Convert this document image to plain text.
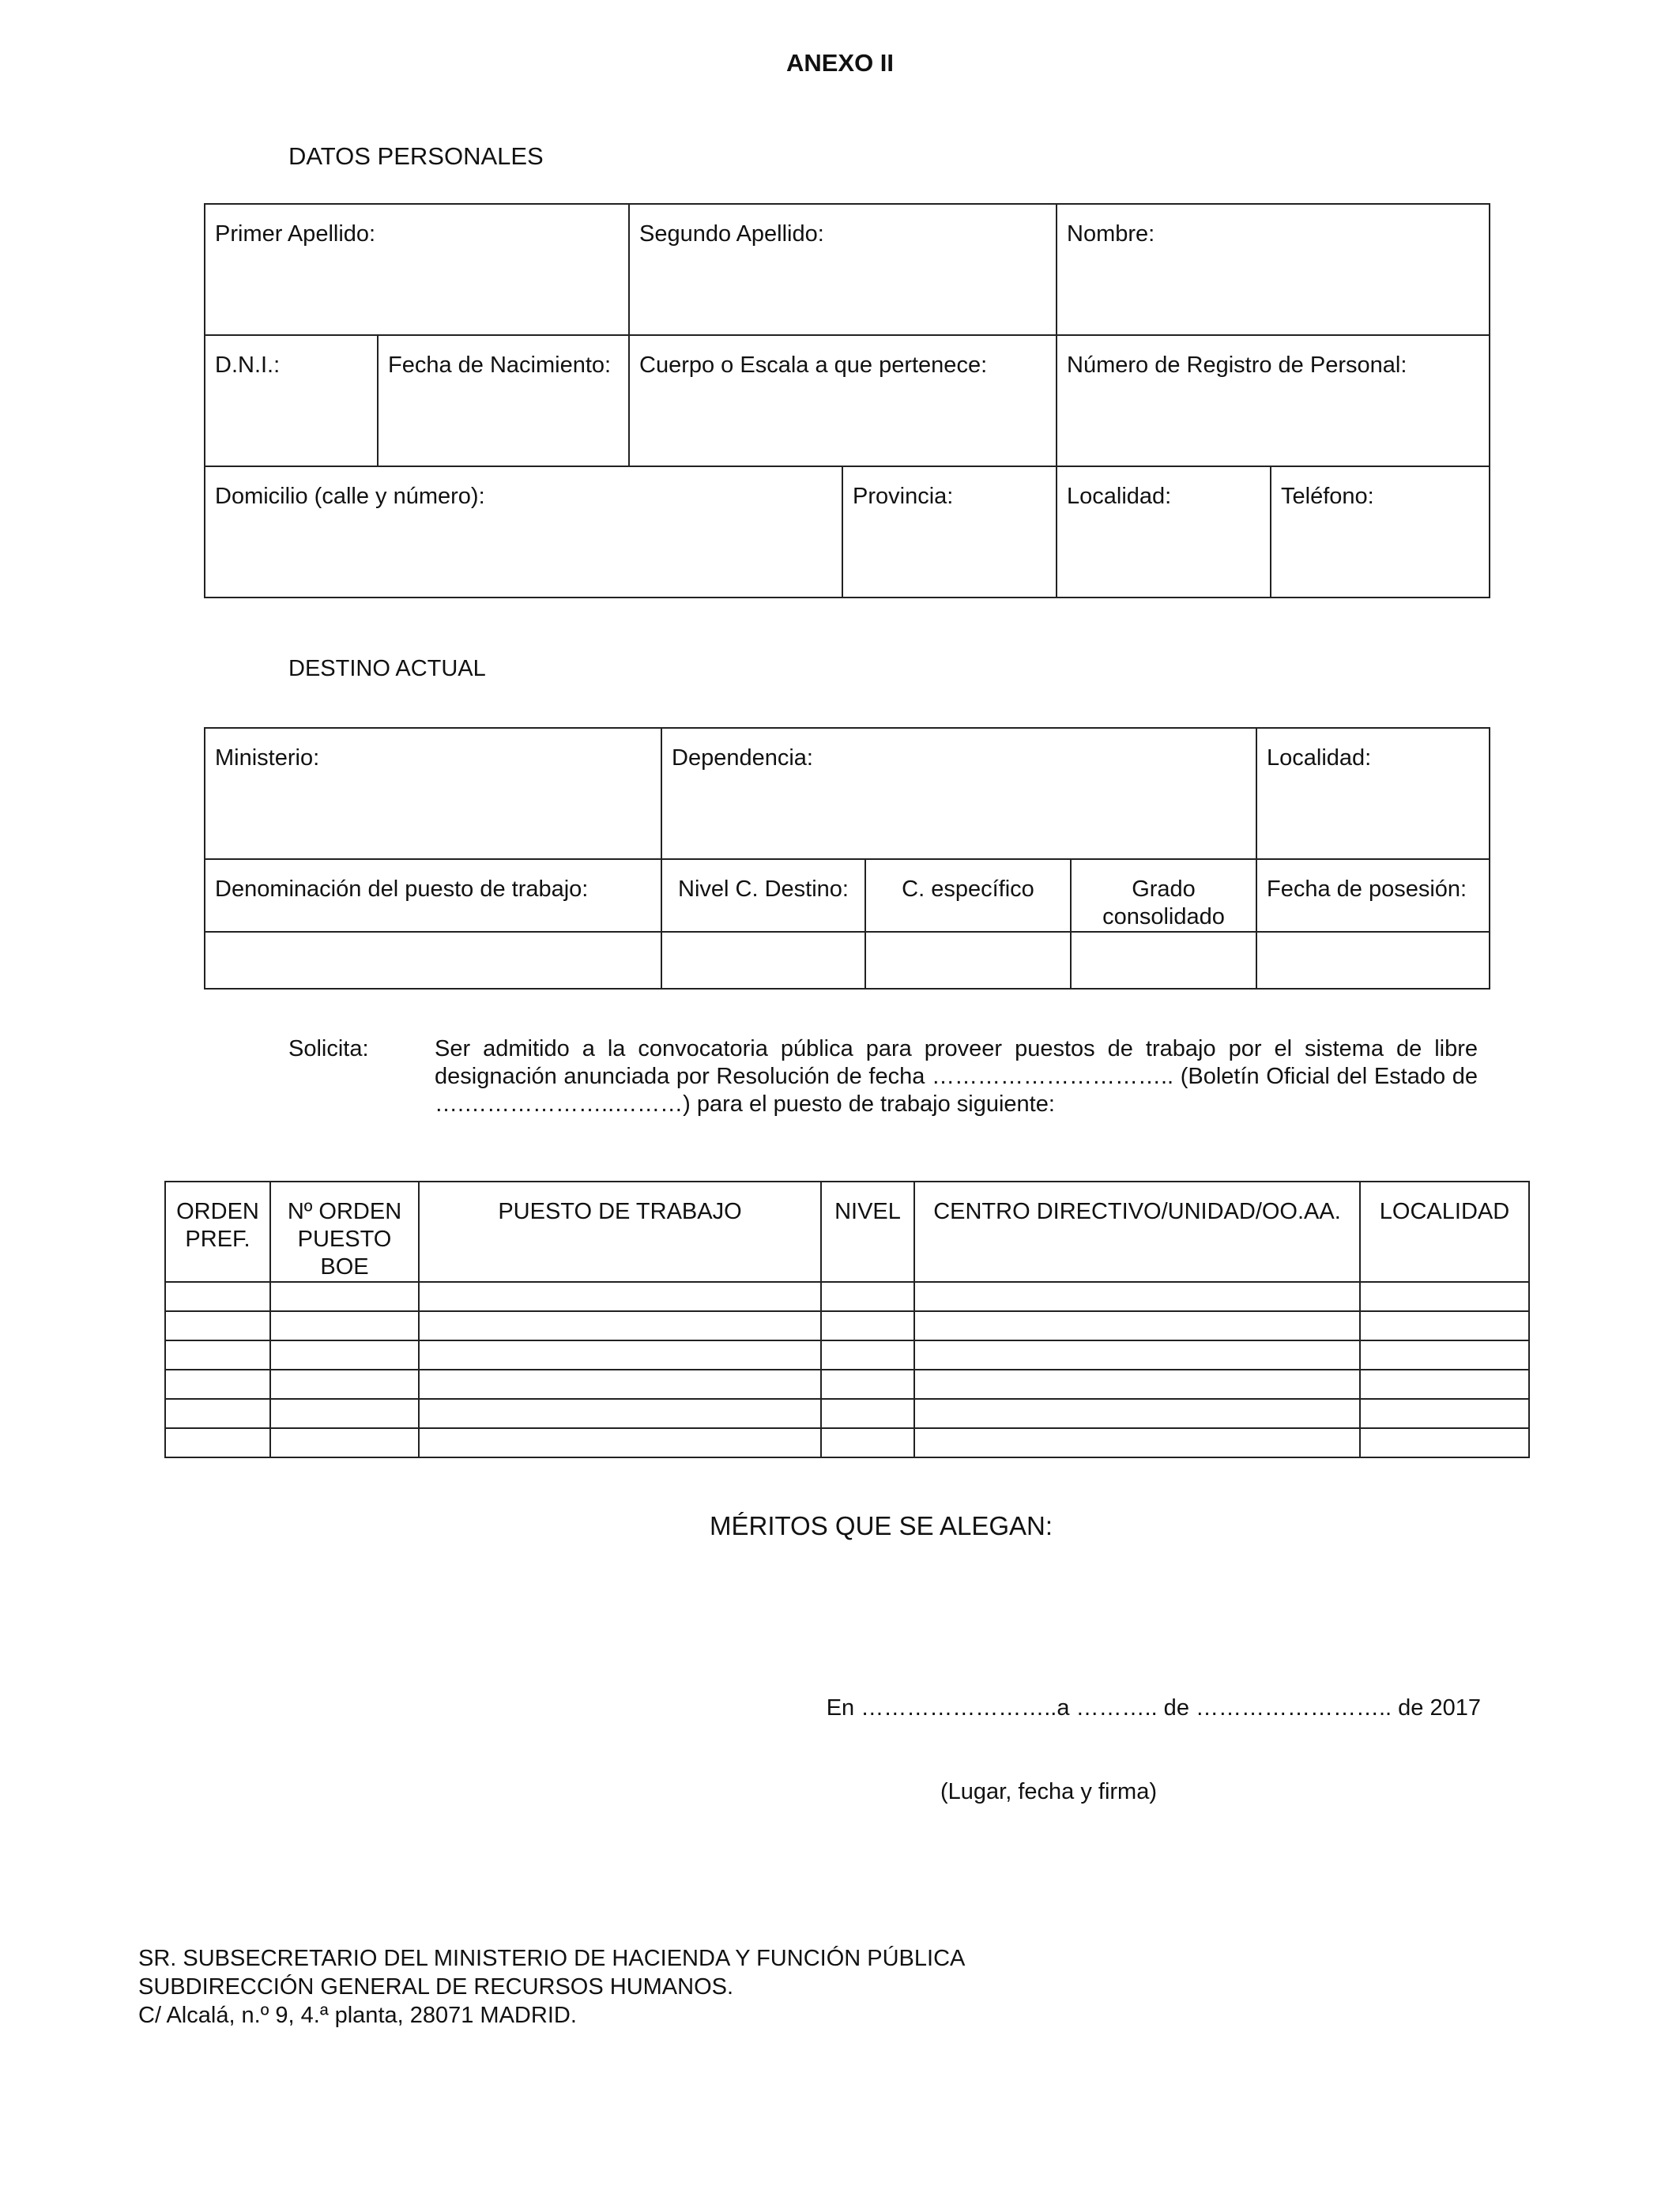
ANEXO II
DATOS PERSONALES
Primer Apellido:		Segundo Apellido:		Nombre:	
D.N.I.:	Fecha de Nacimiento:	Cuerpo o Escala a que pertenece:		Número de Registro de Personal:	
Domicilio (calle y número):			Provincia:	Localidad:	Teléfono:
DESTINO ACTUAL
Ministerio:	Dependencia:			Localidad:
Denominación del puesto de trabajo:	Nivel C. Destino:	C. específico	Grado consolidado	Fecha de posesión:

Solicita:	Ser admitido a la convocatoria pública para proveer puestos de trabajo por el sistema de libre designación anunciada por Resolución de fecha ………………………….. (Boletín Oficial del Estado de ….………………..………) para el puesto de trabajo siguiente:
ORDEN PREF.	Nº ORDEN PUESTO BOE	PUESTO DE TRABAJO	NIVEL	CENTRO DIRECTIVO/UNIDAD/OO.AA.	LOCALIDAD

MÉRITOS QUE SE ALEGAN:
En ……………………..a ……….. de …………………….. de 2017
(Lugar, fecha y firma)
SR. SUBSECRETARIO DEL MINISTERIO DE HACIENDA Y FUNCIÓN PÚBLICA
SUBDIRECCIÓN GENERAL DE RECURSOS HUMANOS.
C/ Alcalá, n.º 9, 4.ª planta, 28071 MADRID.
